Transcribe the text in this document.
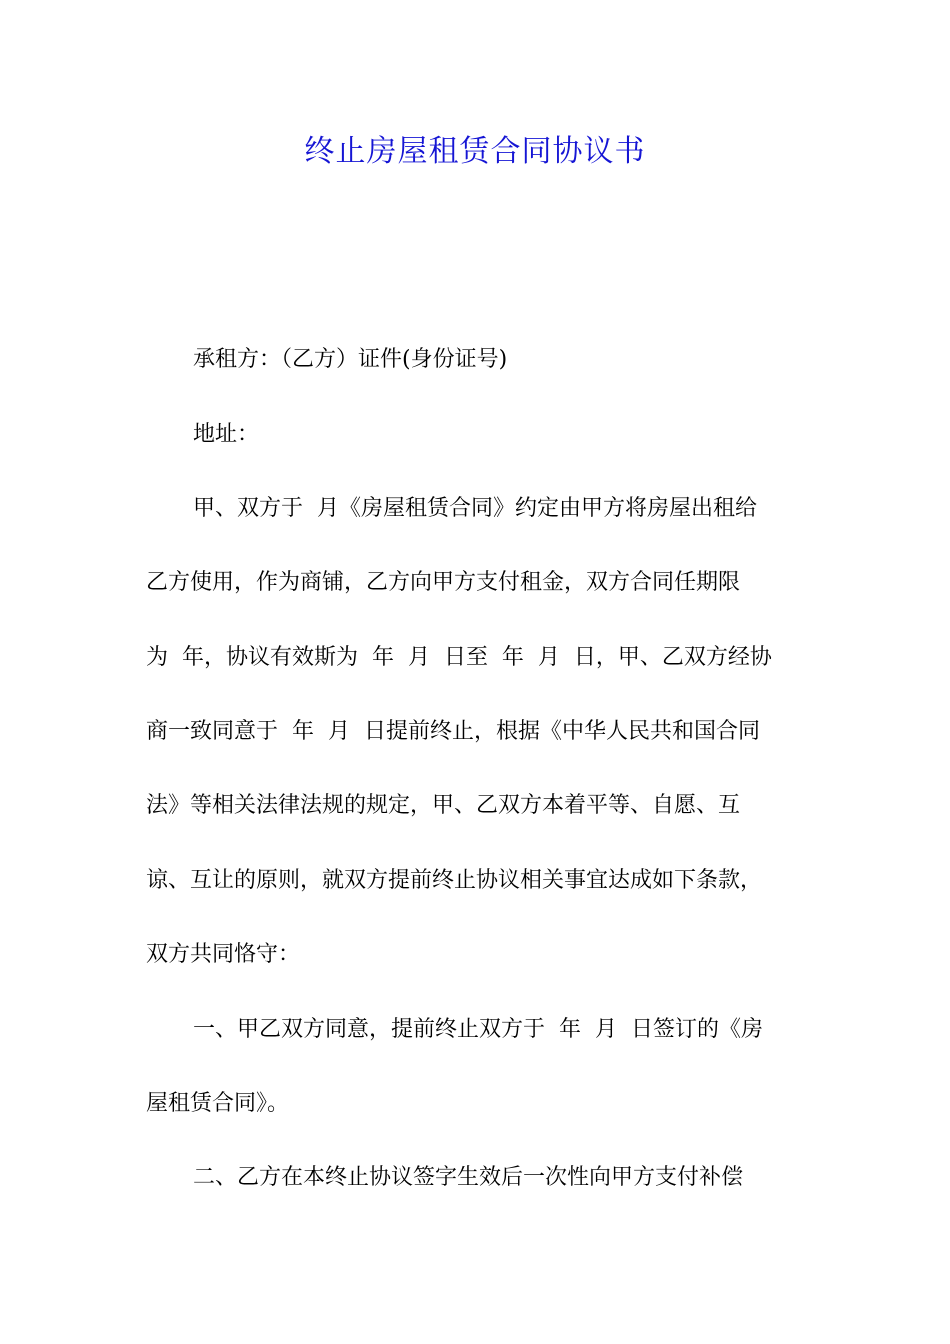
终止房屋租赁合同协议书

承租方：（乙方）证件(身份证号)

地址：

甲、双方于  月《房屋租赁合同》约定由甲方将房屋出租给

乙方使用，作为商铺，乙方向甲方支付租金，双方合同任期限

为  年，协议有效斯为  年  月  日至  年  月  日，甲、乙双方经协

商一致同意于  年  月  日提前终止，根据《中华人民共和国合同

法》等相关法律法规的规定，甲、乙双方本着平等、自愿、互

谅、互让的原则，就双方提前终止协议相关事宜达成如下条款，

双方共同恪守：

一、甲乙双方同意，提前终止双方于  年  月  日签订的《房

屋租赁合同》。

二、乙方在本终止协议签字生效后一次性向甲方支付补偿
